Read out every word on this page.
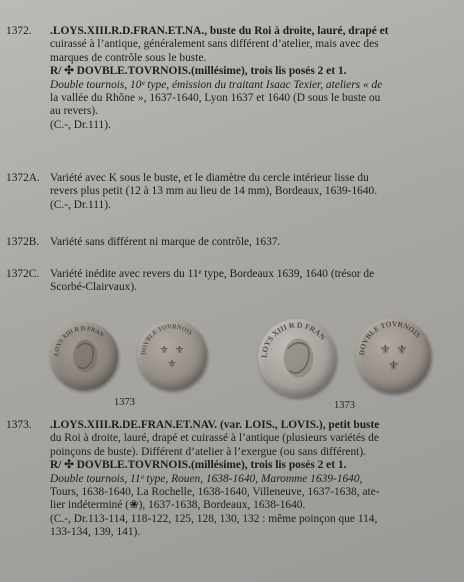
1372.	.LOYS.XIII.R.D.FRAN.ET.NA., buste du Roi à droite, lauré, drapé et
cuirassé à l’antique, généralement sans différent d’atelier, mais avec des
marques de contrôle sous le buste.
R/ ✣ DOVBLE.TOVRNOIS.(millésime), trois lis posés 2 et 1.
Double tournois, 10ᵉ type, émission du traitant Isaac Texier, ateliers « de
la vallée du Rhône », 1637-1640, Lyon 1637 et 1640 (D sous le buste ou
au revers).
(C.-, Dr.111).
1372A. Variété avec K sous le buste, et le diamètre du cercle intérieur lisse du
revers plus petit (12 à 13 mm au lieu de 14 mm), Bordeaux, 1639-1640.
(C.-, Dr.111).
1372B. Variété sans différent ni marque de contrôle, 1637.
1372C. Variété inédite avec revers du 11ᵉ type, Bordeaux 1639, 1640 (trésor de
Scorbé-Clairvaux).
LOYS XIII R D FRAN
DOVBLE TOVRNOIS
⚜ ⚜
⚜
LOYS XIII R D FRAN
DOVBLE TOVRNOIS
⚜ ⚜
⚜
1373	1373
1373.	.LOYS.XIII.R.DE.FRAN.ET.NAV. (var. LOIS., LOVIS.), petit buste
du Roi à droite, lauré, drapé et cuirassé à l’antique (plusieurs variétés de
poinçons de buste). Différent d’atelier à l’exergue (ou sans différent).
R/ ✣ DOVBLE.TOVRNOIS.(millésime), trois lis posés 2 et 1.
Double tournois, 11ᵉ type, Rouen, 1638-1640, Maromme 1639-1640,
Tours, 1638-1640, La Rochelle, 1638-1640, Villeneuve, 1637-1638, ate-
lier indéterminé (❀), 1637-1638, Bordeaux, 1638-1640.
(C.-, Dr.113-114, 118-122, 125, 128, 130, 132 : même poinçon que 114,
133-134, 139, 141).
